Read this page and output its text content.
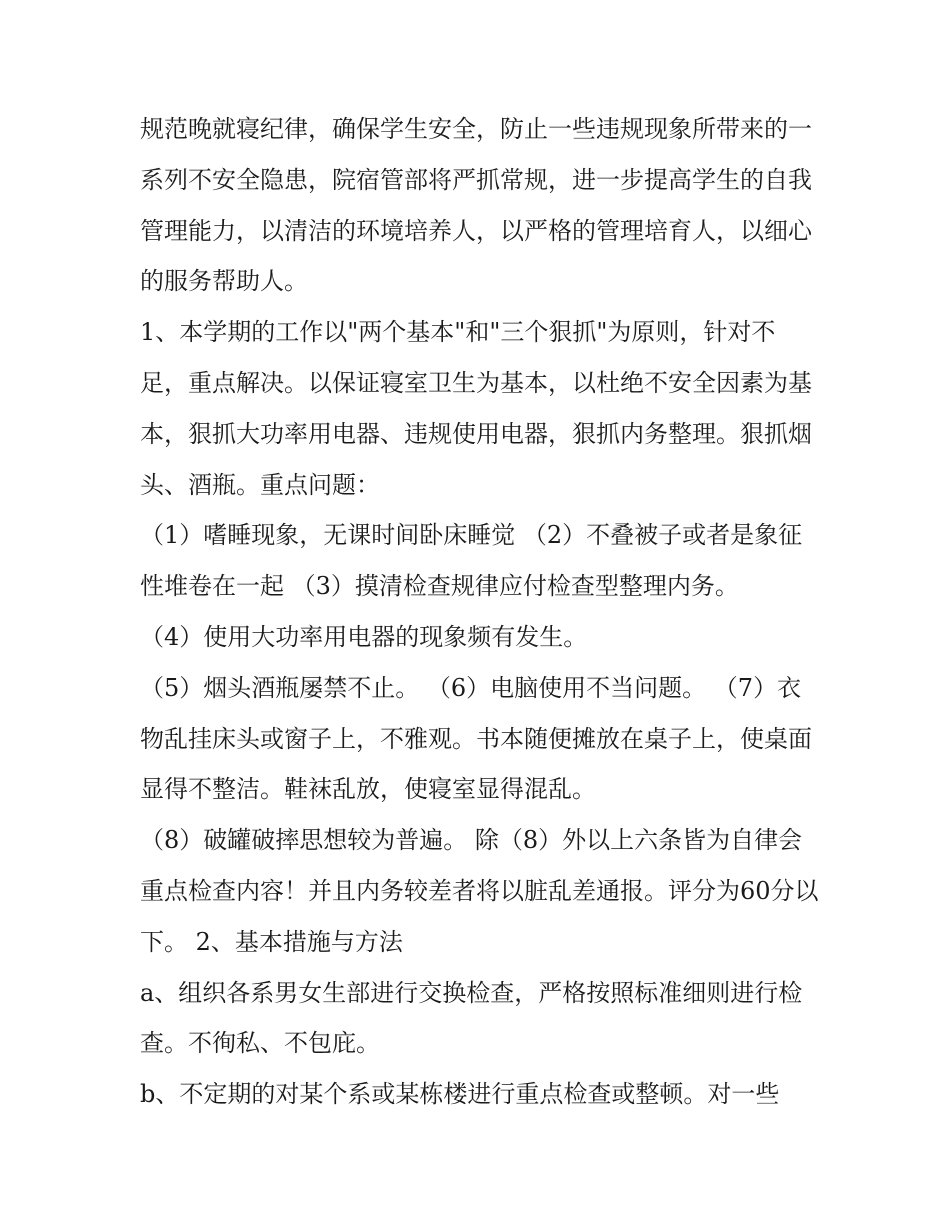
规范晚就寝纪律，确保学生安全，防止一些违规现象所带来的一系列不安全隐患，院宿管部将严抓常规，进一步提高学生的自我管理能力，以清洁的环境培养人，以严格的管理培育人，以细心的服务帮助人。

1、本学期的工作以"两个基本"和"三个狠抓"为原则，针对不足，重点解决。以保证寝室卫生为基本，以杜绝不安全因素为基本，狠抓大功率用电器、违规使用电器，狠抓内务整理。狠抓烟头、酒瓶。重点问题：

（1）嗜睡现象，无课时间卧床睡觉 （2）不叠被子或者是象征性堆卷在一起 （3）摸清检查规律应付检查型整理内务。

（4）使用大功率用电器的现象频有发生。

（5）烟头酒瓶屡禁不止。 （6）电脑使用不当问题。 （7）衣物乱挂床头或窗子上，不雅观。书本随便摊放在桌子上，使桌面显得不整洁。鞋袜乱放，使寝室显得混乱。

（8）破罐破摔思想较为普遍。 除（8）外以上六条皆为自律会重点检查内容！并且内务较差者将以脏乱差通报。评分为60分以下。 2、基本措施与方法

a、组织各系男女生部进行交换检查，严格按照标准细则进行检查。不徇私、不包庇。

b、不定期的对某个系或某栋楼进行重点检查或整顿。对一些
